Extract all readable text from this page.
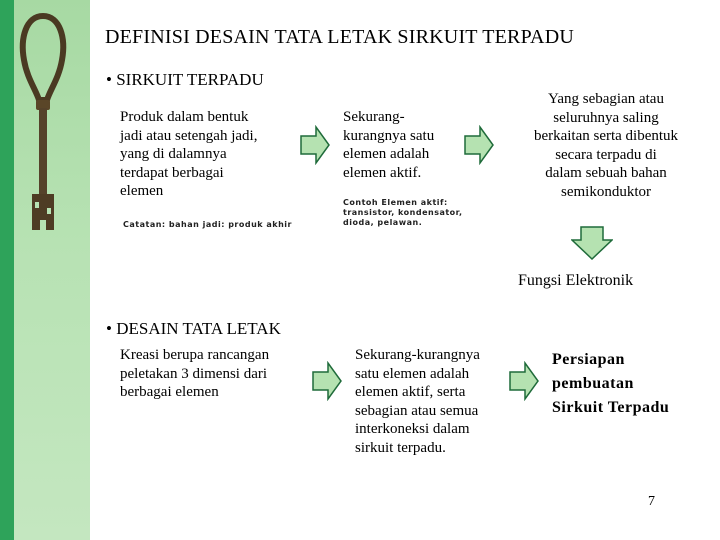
DEFINISI DESAIN TATA LETAK SIRKUIT TERPADU
• SIRKUIT TERPADU
Produk dalam bentuk
jadi atau setengah jadi,
yang di dalamnya
terdapat berbagai
elemen
Catatan: bahan jadi: produk akhir
Sekurang-
kurangnya satu
elemen adalah
elemen aktif.
Contoh Elemen aktif:
transistor, kondensator,
dioda, pelawan.
Yang sebagian atau
seluruhnya saling
berkaitan serta dibentuk
secara terpadu di
dalam sebuah bahan
semikonduktor
Fungsi Elektronik
• DESAIN TATA LETAK
Kreasi berupa rancangan
peletakan 3 dimensi dari
berbagai elemen
Sekurang-kurangnya
satu elemen adalah
elemen aktif, serta
sebagian atau semua
interkoneksi dalam
sirkuit terpadu.
Persiapan
pembuatan
Sirkuit Terpadu
7
